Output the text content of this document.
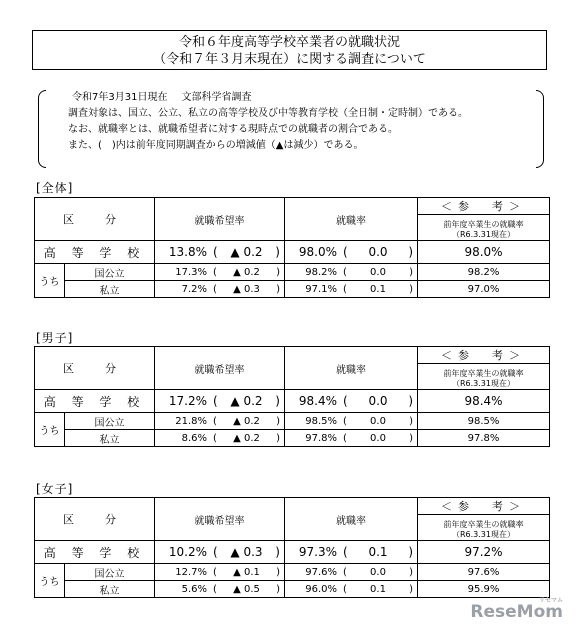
令和６年度高等学校卒業者の就職状況
（令和７年３月末現在）に関する調査について
令和7年3月31日現在 文部科学省調査
調査対象は、国立、公立、私立の高等学校及び中等教育学校（全日制・定時制）である。
なお、就職率とは、就職希望者に対する現時点での就職者の割合である。
また、(　)内は前年度同期調査からの増減値（▲は減少）である。
[全体]
区　分		就職希望率	就職率	＜参　考＞
前年度卒業生の就職率
（R6.3.31現在）

高 等 学 校		13.8% ( ▲ 0.2 )	98.0% ( 0.0 )	98.0%
うち	国公立	17.3% ( ▲ 0.2 )	98.2% ( 0.0 )	98.2%
	私立	7.2% ( ▲ 0.3 )	97.1% ( 0.1 )	97.0%
[男子]
区　分		就職希望率	就職率	＜参　考＞
前年度卒業生の就職率
（R6.3.31現在）

高 等 学 校		17.2% ( ▲ 0.2 )	98.4% ( 0.0 )	98.4%
うち	国公立	21.8% ( ▲ 0.2 )	98.5% ( 0.0 )	98.5%
	私立	8.6% ( ▲ 0.2 )	97.8% ( 0.0 )	97.8%
[女子]
区　分		就職希望率	就職率	＜参　考＞
前年度卒業生の就職率
（R6.3.31現在）

高 等 学 校		10.2% ( ▲ 0.3 )	97.3% ( 0.1 )	97.2%
うち	国公立	12.7% ( ▲ 0.1 )	97.6% ( 0.0 )	97.6%
	私立	5.6% ( ▲ 0.5 )	96.0% ( 0.1 )	95.9%
リセマム
ReseMom
